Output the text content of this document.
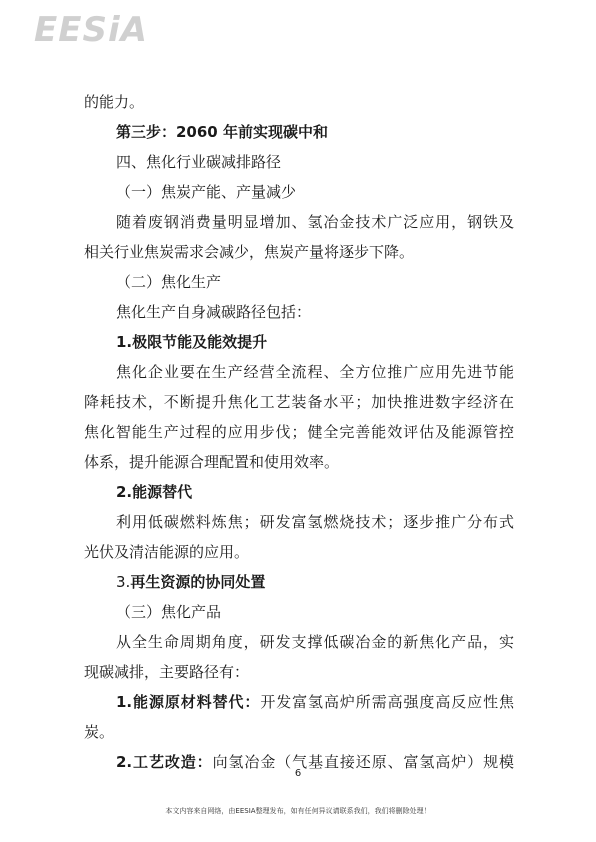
EESiA
的能力。
第三步：2060 年前实现碳中和
四、焦化行业碳减排路径
（一）焦炭产能、产量减少
随着废钢消费量明显增加、氢冶金技术广泛应用，钢铁及
相关行业焦炭需求会减少，焦炭产量将逐步下降。
（二）焦化生产
焦化生产自身减碳路径包括：
1.极限节能及能效提升
焦化企业要在生产经营全流程、全方位推广应用先进节能
降耗技术，不断提升焦化工艺装备水平；加快推进数字经济在
焦化智能生产过程的应用步伐；健全完善能效评估及能源管控
体系，提升能源合理配置和使用效率。
2.能源替代
利用低碳燃料炼焦；研发富氢燃烧技术；逐步推广分布式
光伏及清洁能源的应用。
3.再生资源的协同处置
（三）焦化产品
从全生命周期角度，研发支撑低碳冶金的新焦化产品，实
现碳减排，主要路径有：
1.能源原材料替代：开发富氢高炉所需高强度高反应性焦
炭。
2.工艺改造：向氢冶金（气基直接还原、富氢高炉）规模
6
本文内容来自网络，由EESIA整理发布，如有任何异议请联系我们，我们将删除处理！
